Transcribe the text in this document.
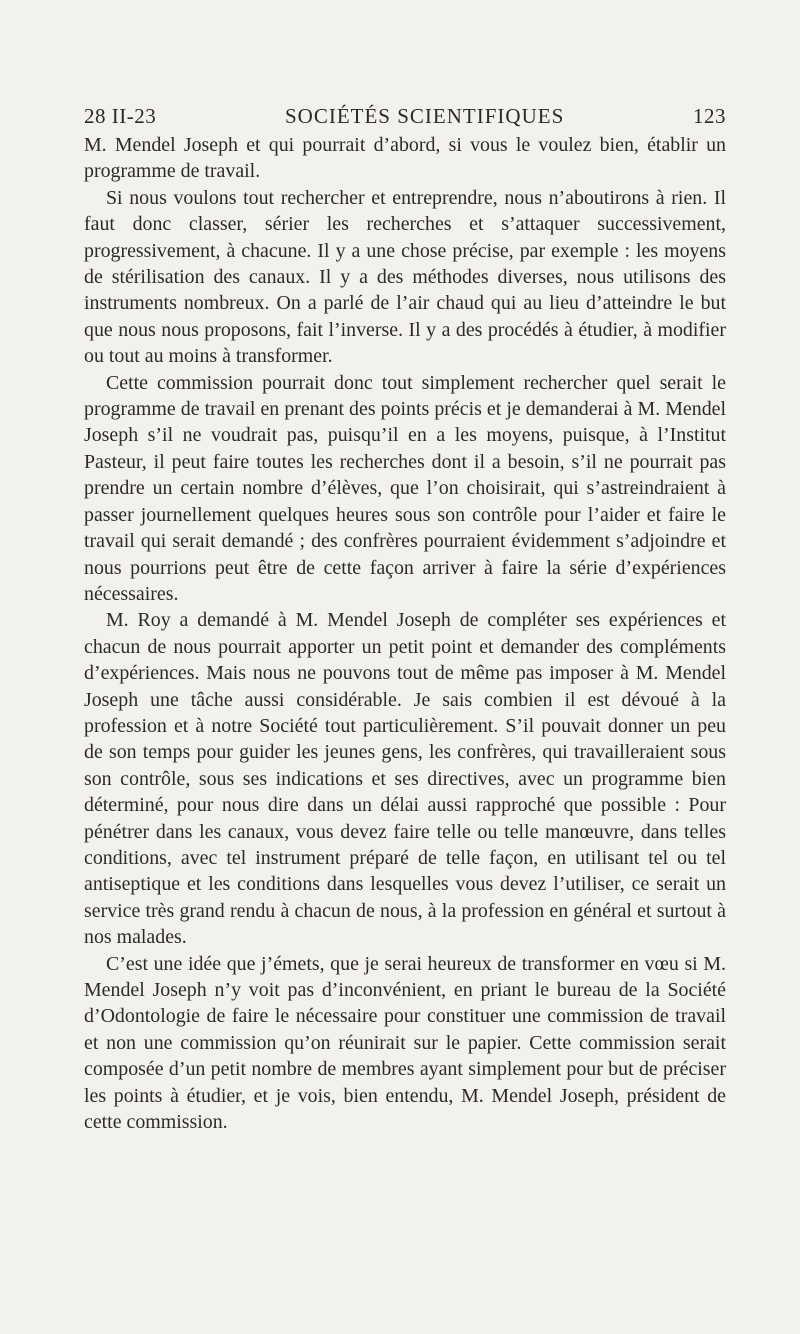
28 II-23	SOCIÉTÉS SCIENTIFIQUES	123

M. Mendel Joseph et qui pourrait d’abord, si vous le voulez bien, établir un programme de travail.

Si nous voulons tout rechercher et entreprendre, nous n’aboutirons à rien. Il faut donc classer, sérier les recherches et s’attaquer successivement, progressivement, à chacune. Il y a une chose précise, par exemple : les moyens de stérilisation des canaux. Il y a des méthodes diverses, nous utilisons des instruments nombreux. On a parlé de l’air chaud qui au lieu d’atteindre le but que nous nous proposons, fait l’inverse. Il y a des procédés à étudier, à modifier ou tout au moins à transformer.

Cette commission pourrait donc tout simplement rechercher quel serait le programme de travail en prenant des points précis et je demanderai à M. Mendel Joseph s’il ne voudrait pas, puisqu’il en a les moyens, puisque, à l’Institut Pasteur, il peut faire toutes les recherches dont il a besoin, s’il ne pourrait pas prendre un certain nombre d’élèves, que l’on choisirait, qui s’astreindraient à passer journellement quelques heures sous son contrôle pour l’aider et faire le travail qui serait demandé ; des confrères pourraient évidemment s’adjoindre et nous pourrions peut être de cette façon arriver à faire la série d’expériences nécessaires.

M. Roy a demandé à M. Mendel Joseph de compléter ses expériences et chacun de nous pourrait apporter un petit point et demander des compléments d’expériences. Mais nous ne pouvons tout de même pas imposer à M. Mendel Joseph une tâche aussi considérable. Je sais combien il est dévoué à la profession et à notre Société tout particulièrement. S’il pouvait donner un peu de son temps pour guider les jeunes gens, les confrères, qui travailleraient sous son contrôle, sous ses indications et ses directives, avec un programme bien déterminé, pour nous dire dans un délai aussi rapproché que possible : Pour pénétrer dans les canaux, vous devez faire telle ou telle manœuvre, dans telles conditions, avec tel instrument préparé de telle façon, en utilisant tel ou tel antiseptique et les conditions dans lesquelles vous devez l’utiliser, ce serait un service très grand rendu à chacun de nous, à la profession en général et surtout à nos malades.

C’est une idée que j’émets, que je serai heureux de transformer en vœu si M. Mendel Joseph n’y voit pas d’inconvénient, en priant le bureau de la Société d’Odontologie de faire le nécessaire pour constituer une commission de travail et non une commission qu’on réunirait sur le papier. Cette commission serait composée d’un petit nombre de membres ayant simplement pour but de préciser les points à étudier, et je vois, bien entendu, M. Mendel Joseph, président de cette commission.
